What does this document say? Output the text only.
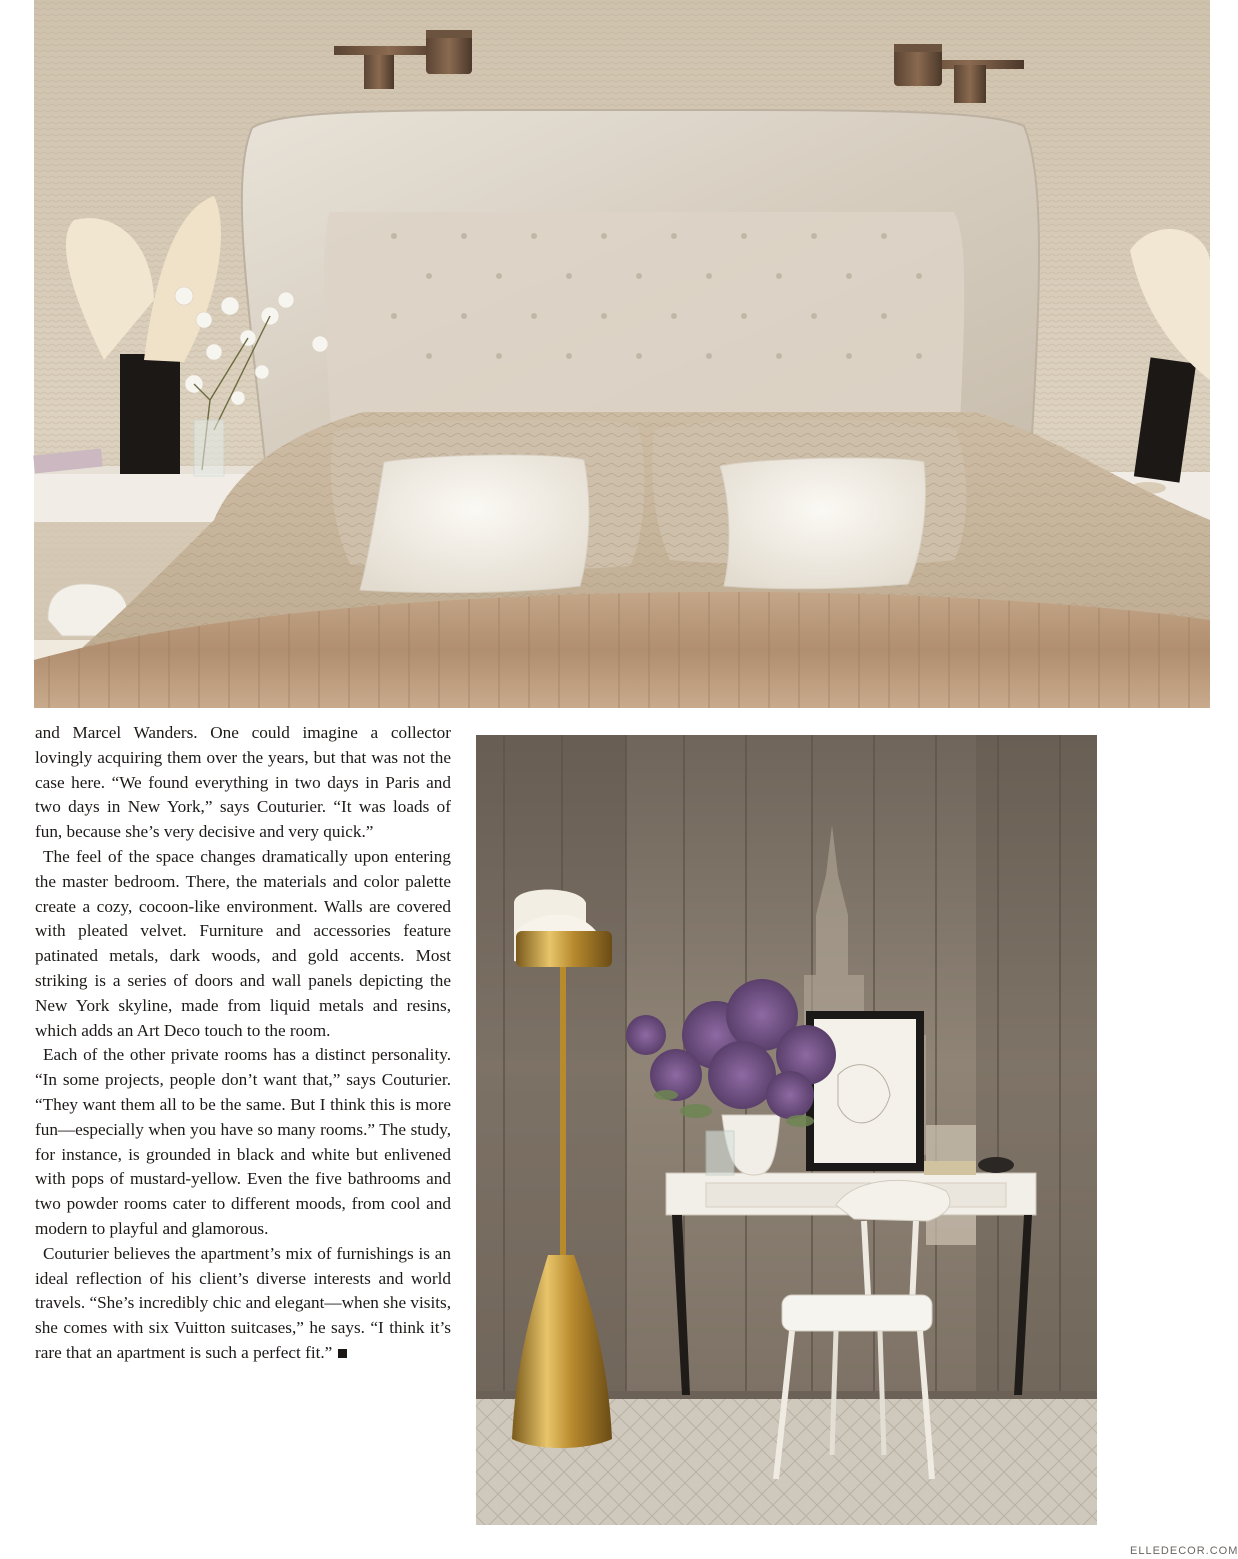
and Marcel Wanders. One could imagine a collector lovingly acquiring them over the years, but that was not the case here. “We found everything in two days in Paris and two days in New York,” says Couturier. “It was loads of fun, because she’s very decisive and very quick.”

The feel of the space changes dramatically upon entering the master bedroom. There, the materials and color palette create a cozy, cocoon-like environment. Walls are covered with pleated velvet. Furniture and accessories feature patinated metals, dark woods, and gold accents. Most striking is a series of doors and wall panels depicting the New York skyline, made from liquid metals and resins, which adds an Art Deco touch to the room.

Each of the other private rooms has a distinct personality. “In some projects, people don’t want that,” says Couturier. “They want them all to be the same. But I think this is more fun—especially when you have so many rooms.” The study, for instance, is grounded in black and white but enlivened with pops of mustard-yellow. Even the five bathrooms and two powder rooms cater to different moods, from cool and modern to playful and glamorous.

Couturier believes the apartment’s mix of furnishings is an ideal reflection of his client’s diverse interests and world travels. “She’s incredibly chic and elegant—when she visits, she comes with six Vuitton suitcases,” he says. “I think it’s rare that an apartment is such a perfect fit.”

ELLEDECOR.COM
